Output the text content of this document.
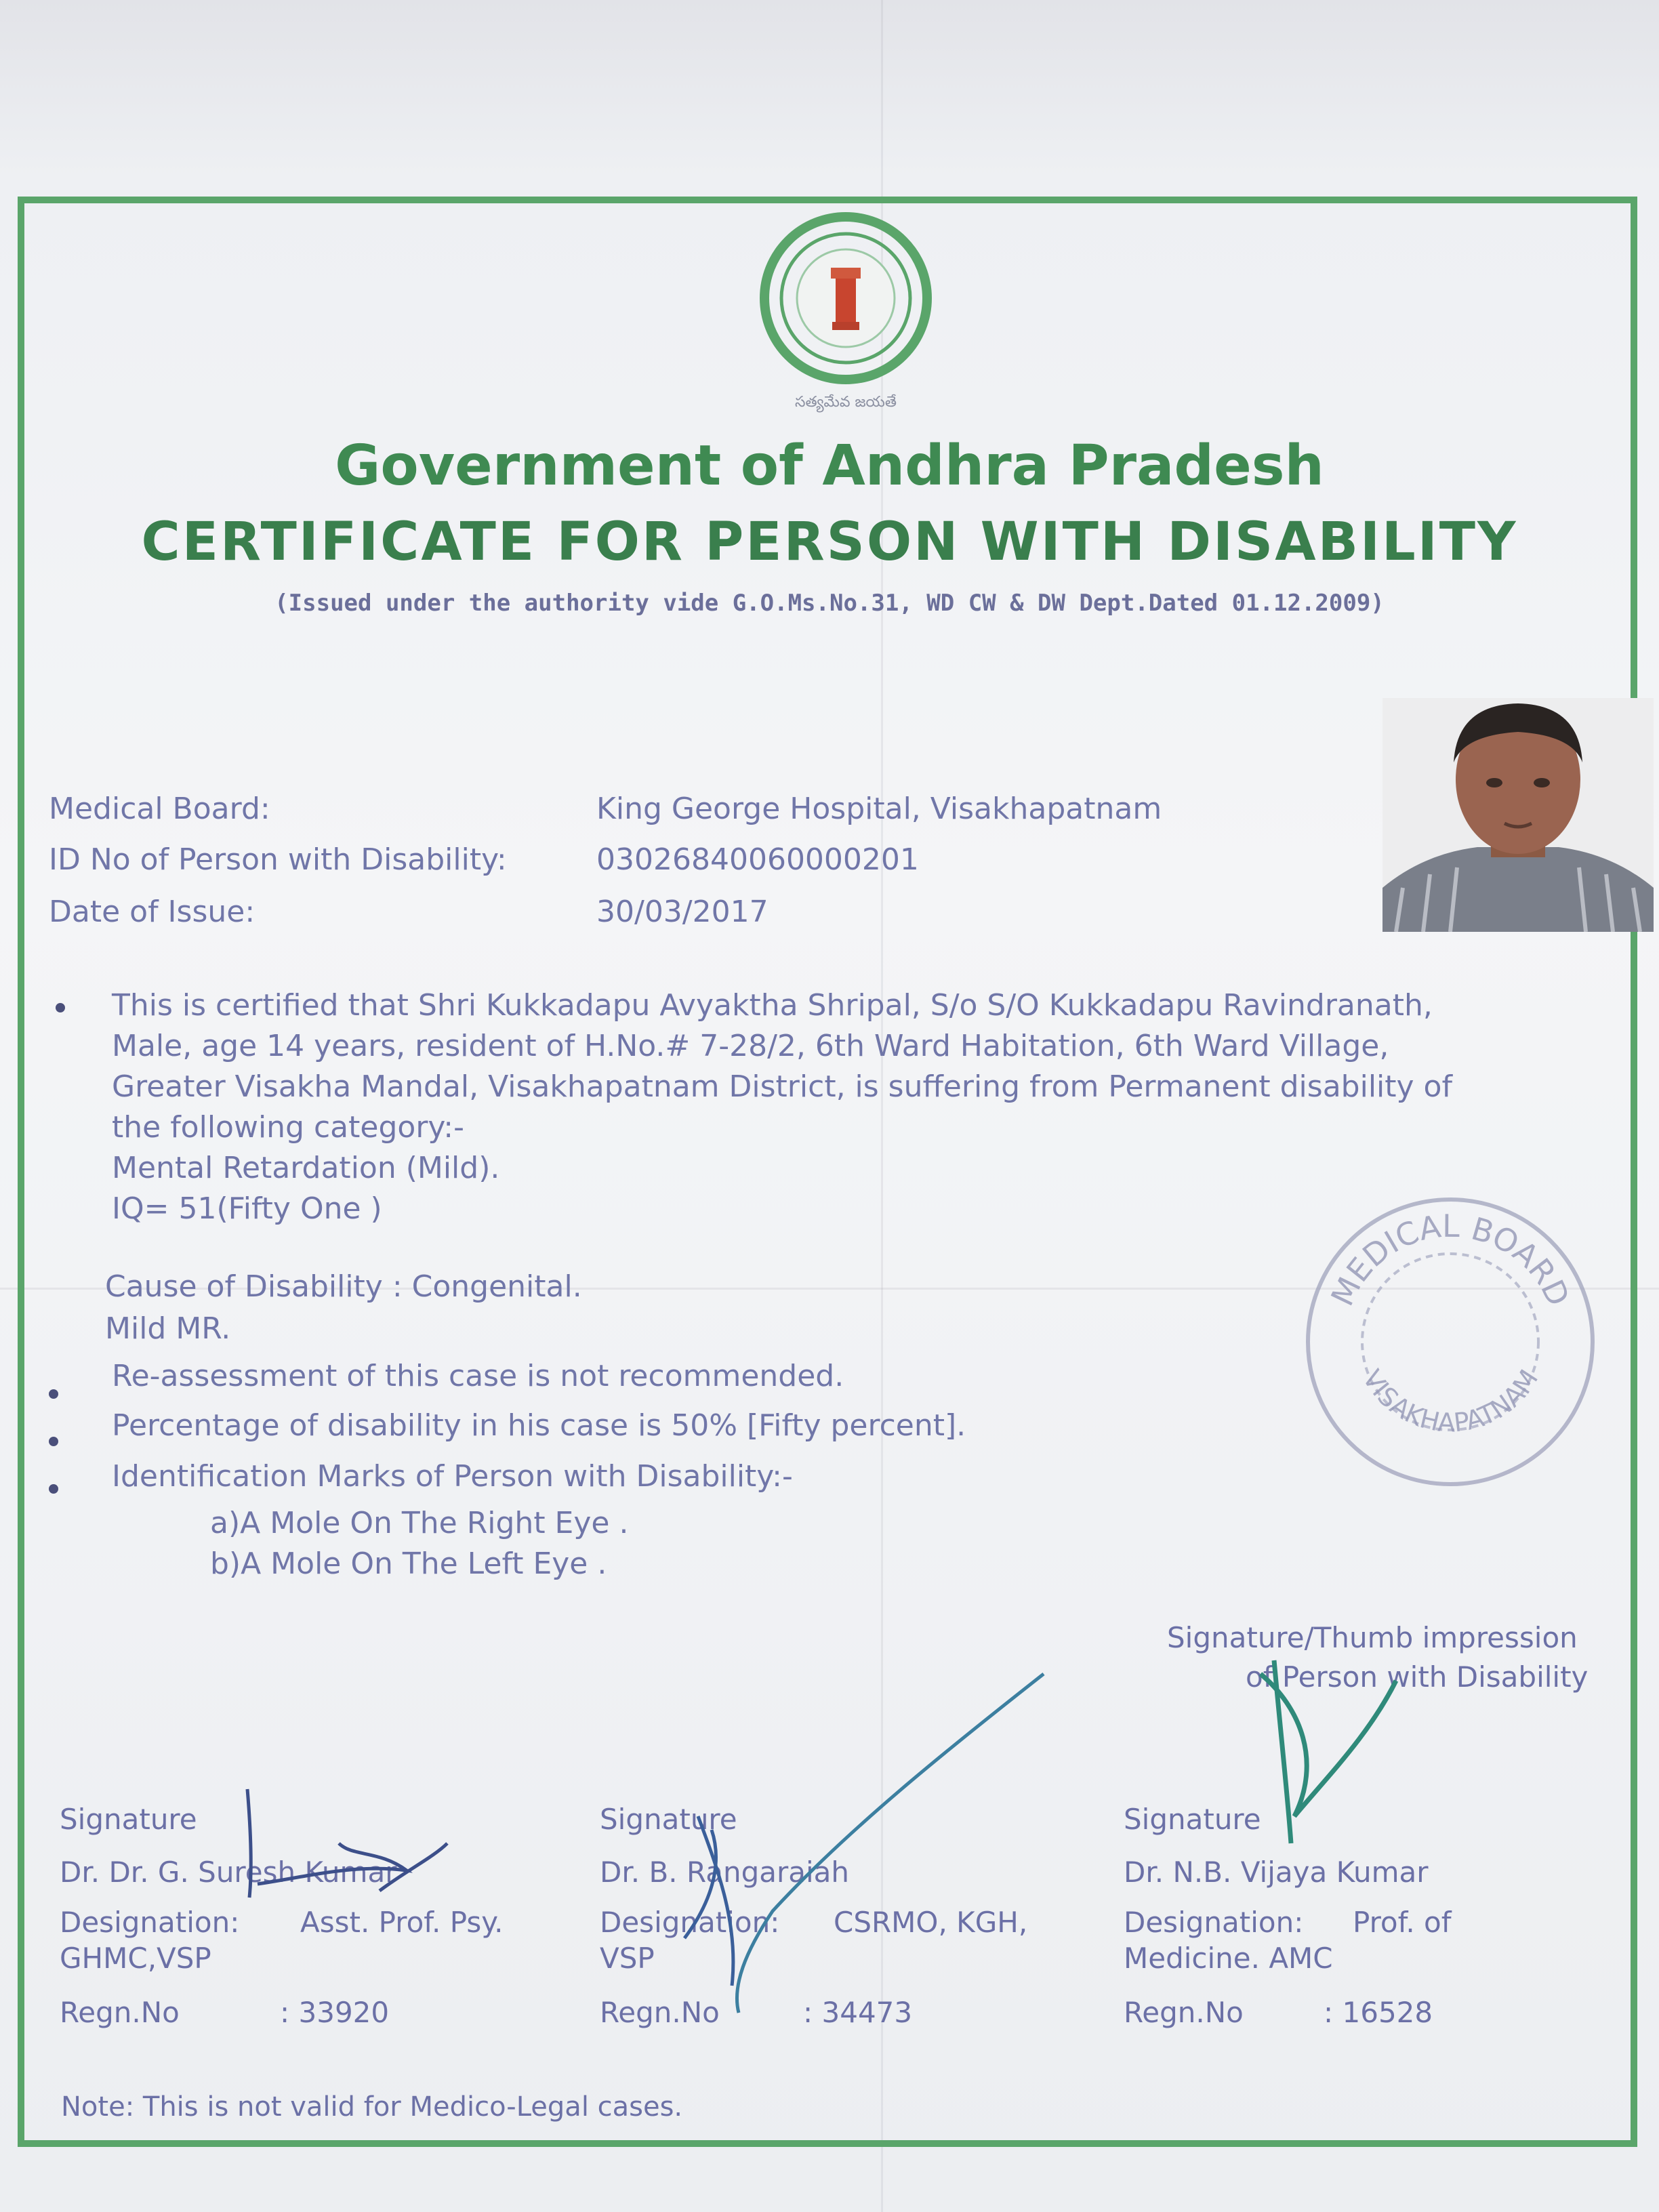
సత్యమేవ జయతే
Government of Andhra Pradesh
CERTIFICATE FOR PERSON WITH DISABILITY
(Issued under the authority vide G.O.Ms.No.31, WD CW & DW Dept.Dated 01.12.2009)
Medical Board:	King George Hospital, Visakhapatnam
ID No of Person with Disability:	03026840060000201
Date of Issue:	30/03/2017
This is certified that Shri Kukkadapu Avyaktha Shripal, S/o S/O Kukkadapu Ravindranath,
Male, age 14 years, resident of H.No.# 7-28/2, 6th Ward Habitation, 6th Ward Village,
Greater Visakha Mandal, Visakhapatnam District, is suffering from Permanent disability of
the following category:-
Mental Retardation (Mild).
IQ= 51(Fifty One )
Cause of Disability : Congenital.
Mild MR.
Re-assessment of this case is not recommended.
Percentage of disability in his case is 50% [Fifty percent].
Identification Marks of Person with Disability:-
a)A Mole On The Right Eye .
b)A Mole On The Left Eye .
MEDICAL BOARD
VISAKHAPATNAM
Signature/Thumb impression
of Person with Disability
Signature
Dr. Dr. G. Suresh Kumar
Designation: Asst. Prof. Psy.
GHMC,VSP
Regn.No	: 33920
Signature
Dr. B. Rangaraiah
Designation: CSRMO, KGH,
VSP
Regn.No	: 34473
Signature
Dr. N.B. Vijaya Kumar
Designation: Prof. of
Medicine. AMC
Regn.No	: 16528
Note: This is not valid for Medico-Legal cases.
